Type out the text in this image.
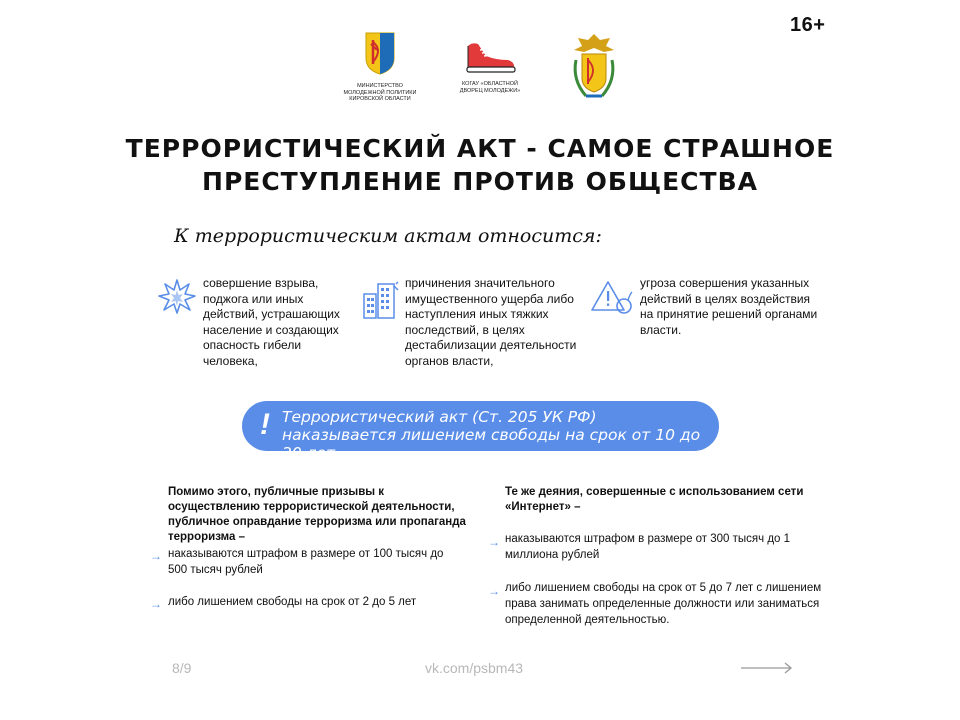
16+
МИНИСТЕРСТВО МОЛОДЕЖНОЙ ПОЛИТИКИ КИРОВСКОЙ ОБЛАСТИ
КОГАУ «ОБЛАСТНОЙ ДВОРЕЦ МОЛОДЕЖИ»
ТЕРРОРИСТИЧЕСКИЙ АКТ - САМОЕ СТРАШНОЕ
ПРЕСТУПЛЕНИЕ ПРОТИВ ОБЩЕСТВА
К террористическим актам относится:
совершение взрыва, поджога или иных действий, устрашающих население и создающих опасность гибели человека,
причинения значительного имущественного ущерба либо наступления иных тяжких последствий, в целях дестабилизации деятельности органов власти,
угроза совершения указанных действий в целях воздействия на принятие решений органами власти.
! Террористический акт (Ст. 205 УК РФ) наказывается лишением свободы на срок от 10 до 20 лет.
Помимо этого, публичные призывы к осуществлению террористической деятельности, публичное оправдание терроризма или пропаганда терроризма –
→ наказываются штрафом в размере от 100 тысяч до 500 тысяч рублей
→ либо лишением свободы на срок от 2 до 5 лет
Те же деяния, совершенные с использованием сети «Интернет» –
→ наказываются штрафом в размере от 300 тысяч до 1 миллиона рублей
→ либо лишением свободы на срок от 5 до 7 лет с лишением права занимать определенные должности или заниматься определенной деятельностью.
8/9	vk.com/psbm43
